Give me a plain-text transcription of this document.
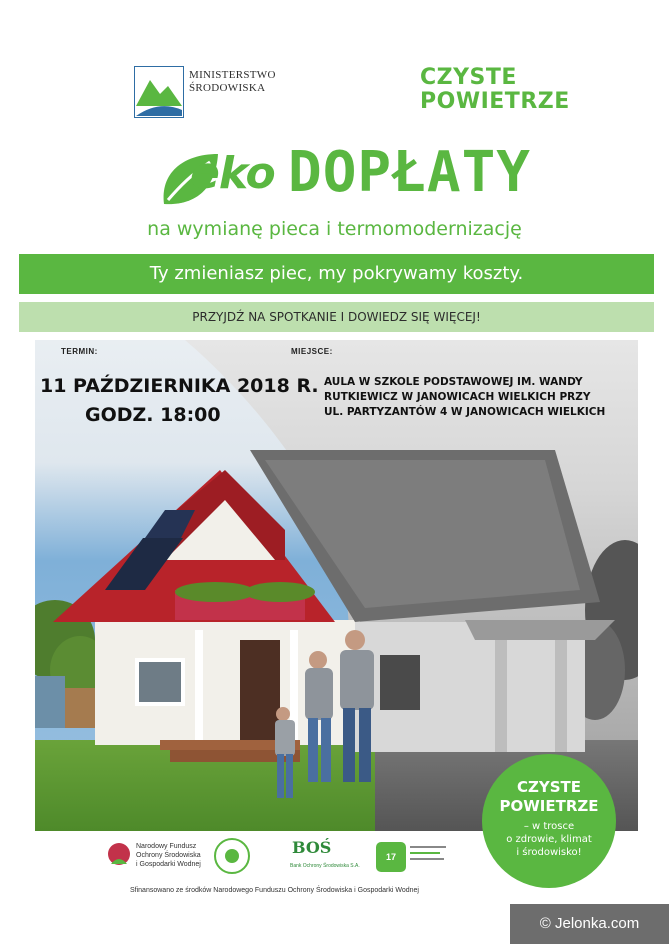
MINISTERSTWO
ŚRODOWISKA	CZYSTE
POWIETRZE
eko DOPŁATY
na wymianę pieca i termomodernizację
Ty zmieniasz piec, my pokrywamy koszty.
PRZYJDŹ NA SPOTKANIE I DOWIEDZ SIĘ WIĘCEJ!
TERMIN:	MIEJSCE:
11 PAŹDZIERNIKA 2018 R.
GODZ. 18:00
AULA W SZKOLE PODSTAWOWEJ IM. WANDY
RUTKIEWICZ W JANOWICACH WIELKICH PRZY
UL. PARTYZANTÓW 4 W JANOWICACH WIELKICH
CZYSTE
POWIETRZE
– w trosce
o zdrowie, klimat
i środowisko!
Narodowy Fundusz
Ochrony Środowiska
i Gospodarki Wodnej
BOŚ
Bank Ochrony Środowiska S.A.
17
Sfinansowano ze środków Narodowego Funduszu Ochrony Środowiska i Gospodarki Wodnej
© Jelonka.com
